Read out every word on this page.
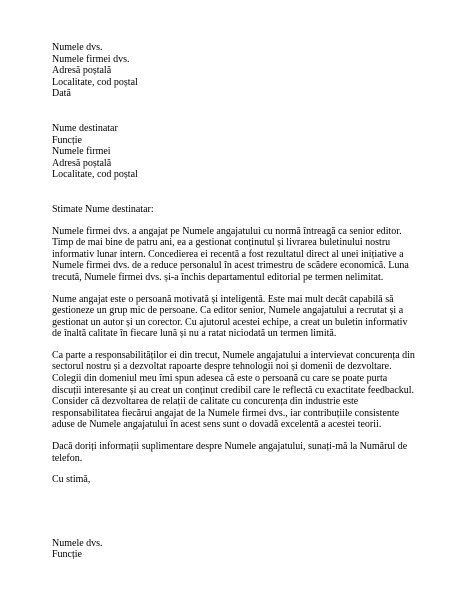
Numele dvs.
Numele firmei dvs.
Adresă poștală
Localitate, cod poștal
Dată
Nume destinatar
Funcție
Numele firmei
Adresă poștală
Localitate, cod poștal

Stimate Nume destinatar:

Numele firmei dvs. a angajat pe Numele angajatului cu normă întreagă ca senior editor. Timp de mai bine de patru ani, ea a gestionat conținutul și livrarea buletinului nostru informativ lunar intern. Concedierea ei recentă a fost rezultatul direct al unei inițiative a Numele firmei dvs. de a reduce personalul în acest trimestru de scădere economică. Luna trecută, Numele firmei dvs. și-a închis departamentul editorial pe termen nelimitat.

Nume angajat este o persoană motivată și inteligentă. Este mai mult decât capabilă să gestioneze un grup mic de persoane. Ca editor senior, Numele angajatului a recrutat și a gestionat un autor și un corector. Cu ajutorul acestei echipe, a creat un buletin informativ de înaltă calitate în fiecare lună și nu a ratat niciodată un termen limită.

Ca parte a responsabilităților ei din trecut, Numele angajatului a intervievat concurența din sectorul nostru și a dezvoltat rapoarte despre tehnologii noi și domenii de dezvoltare. Colegii din domeniul meu îmi spun adesea că este o persoană cu care se poate purta discuții interesante și au creat un conținut credibil care le reflectă cu exactitate feedbackul. Consider că dezvoltarea de relații de calitate cu concurența din industrie este responsabilitatea fiecărui angajat de la Numele firmei dvs., iar contribuțiile consistente aduse de Numele angajatului în acest sens sunt o dovadă excelentă a acestei teorii.

Dacă doriți informații suplimentare despre Numele angajatului, sunați-mă la Numărul de telefon.

Cu stimă,

Numele dvs.
Funcție
